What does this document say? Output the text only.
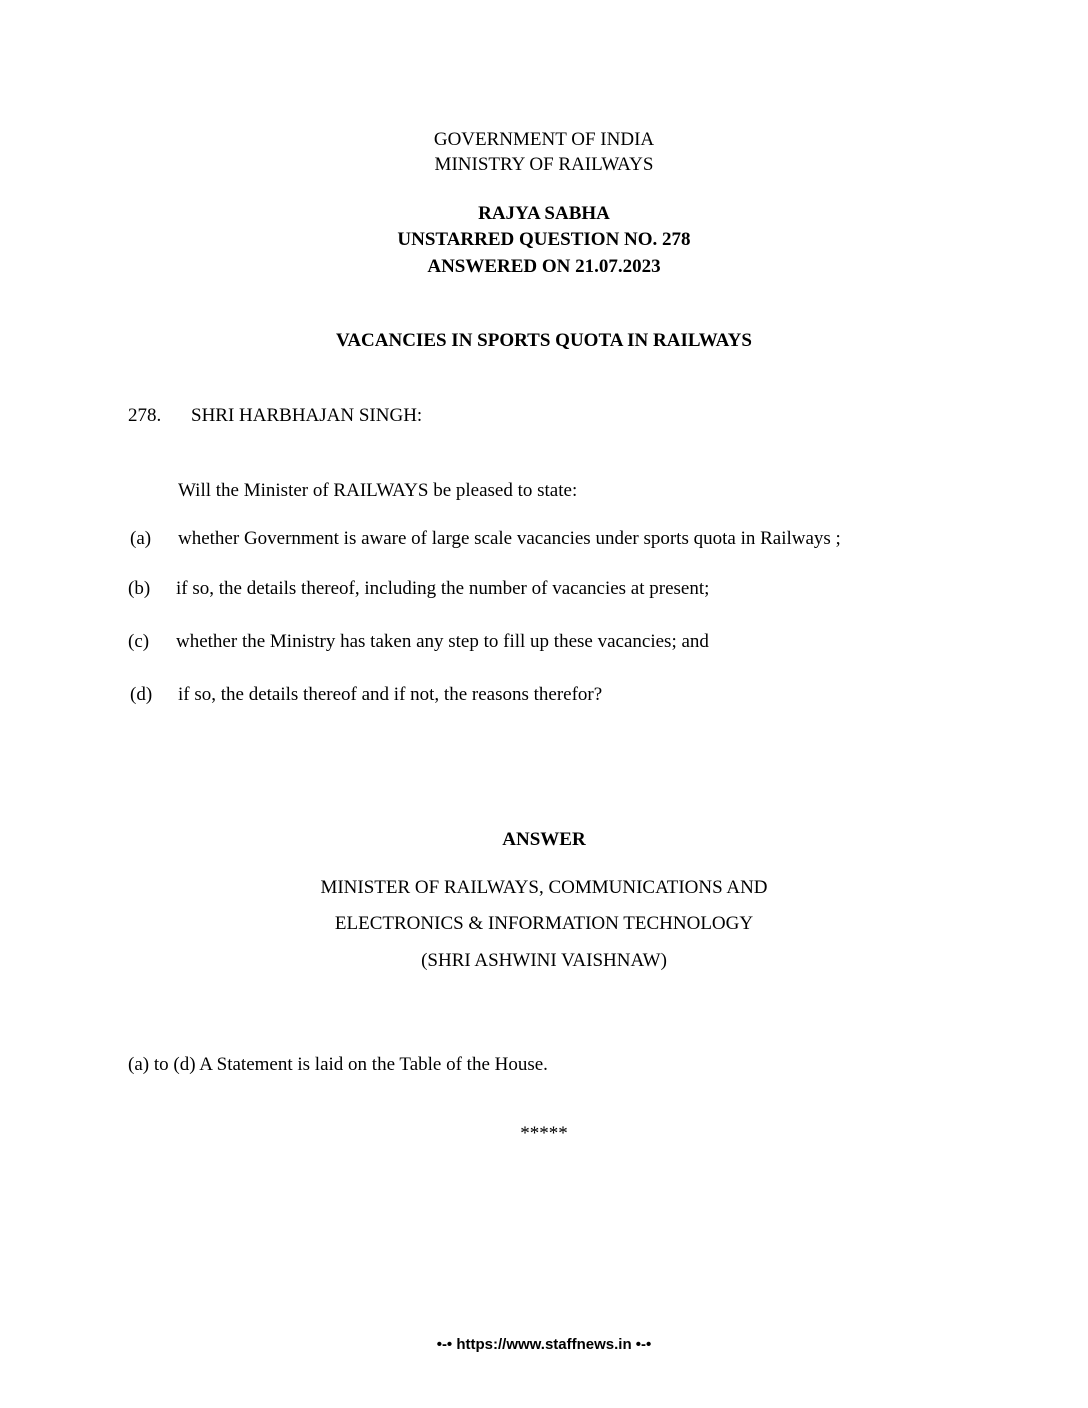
GOVERNMENT OF INDIA
MINISTRY OF RAILWAYS
RAJYA SABHA
UNSTARRED QUESTION NO. 278
ANSWERED ON 21.07.2023
VACANCIES IN SPORTS QUOTA IN RAILWAYS
278. SHRI HARBHAJAN SINGH:
Will the Minister of RAILWAYS be pleased to state:
(a) whether Government is aware of large scale vacancies under sports quota in Railways ;
(b) if so, the details thereof, including the number of vacancies at present;
(c) whether the Ministry has taken any step to fill up these vacancies; and
(d) if so, the details thereof and if not, the reasons therefor?
ANSWER
MINISTER OF RAILWAYS, COMMUNICATIONS AND
ELECTRONICS & INFORMATION TECHNOLOGY
(SHRI ASHWINI VAISHNAW)
(a) to (d) A Statement is laid on the Table of the House.
*****
•-• https://www.staffnews.in •-•
